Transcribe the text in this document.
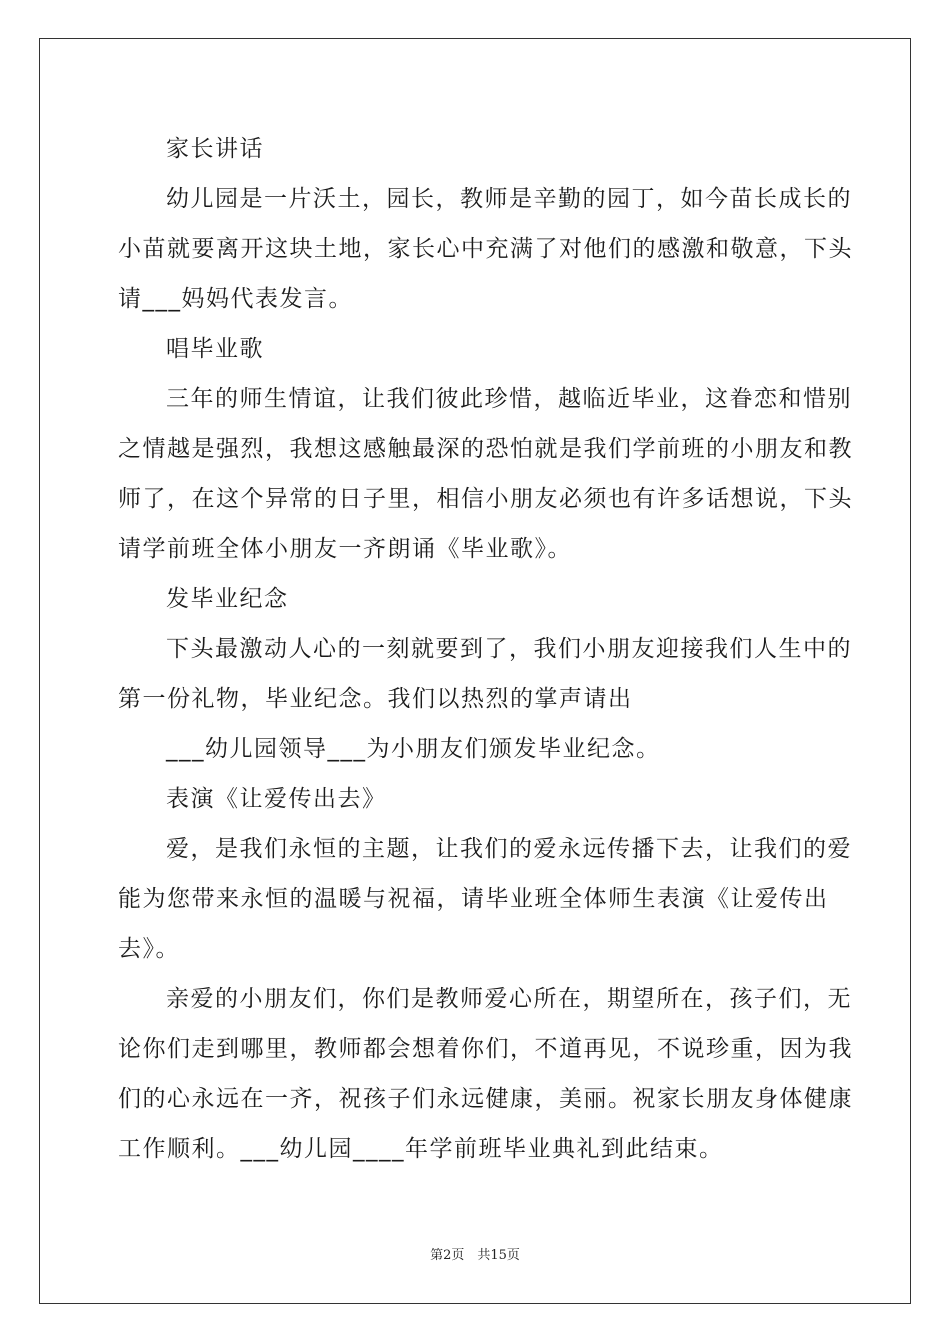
家长讲话
幼儿园是一片沃土，园长，教师是辛勤的园丁，如今苗长成长的
小苗就要离开这块土地，家长心中充满了对他们的感激和敬意，下头
请___妈妈代表发言。
唱毕业歌
三年的师生情谊，让我们彼此珍惜，越临近毕业，这眷恋和惜别
之情越是强烈，我想这感触最深的恐怕就是我们学前班的小朋友和教
师了，在这个异常的日子里，相信小朋友必须也有许多话想说，下头
请学前班全体小朋友一齐朗诵《毕业歌》。
发毕业纪念
下头最激动人心的一刻就要到了，我们小朋友迎接我们人生中的
第一份礼物，毕业纪念。我们以热烈的掌声请出
___幼儿园领导___为小朋友们颁发毕业纪念。
表演《让爱传出去》
爱，是我们永恒的主题，让我们的爱永远传播下去，让我们的爱
能为您带来永恒的温暖与祝福，请毕业班全体师生表演《让爱传出
去》。
亲爱的小朋友们，你们是教师爱心所在，期望所在，孩子们，无
论你们走到哪里，教师都会想着你们，不道再见，不说珍重，因为我
们的心永远在一齐，祝孩子们永远健康，美丽。祝家长朋友身体健康
工作顺利。___幼儿园____年学前班毕业典礼到此结束。
第2页　共15页
